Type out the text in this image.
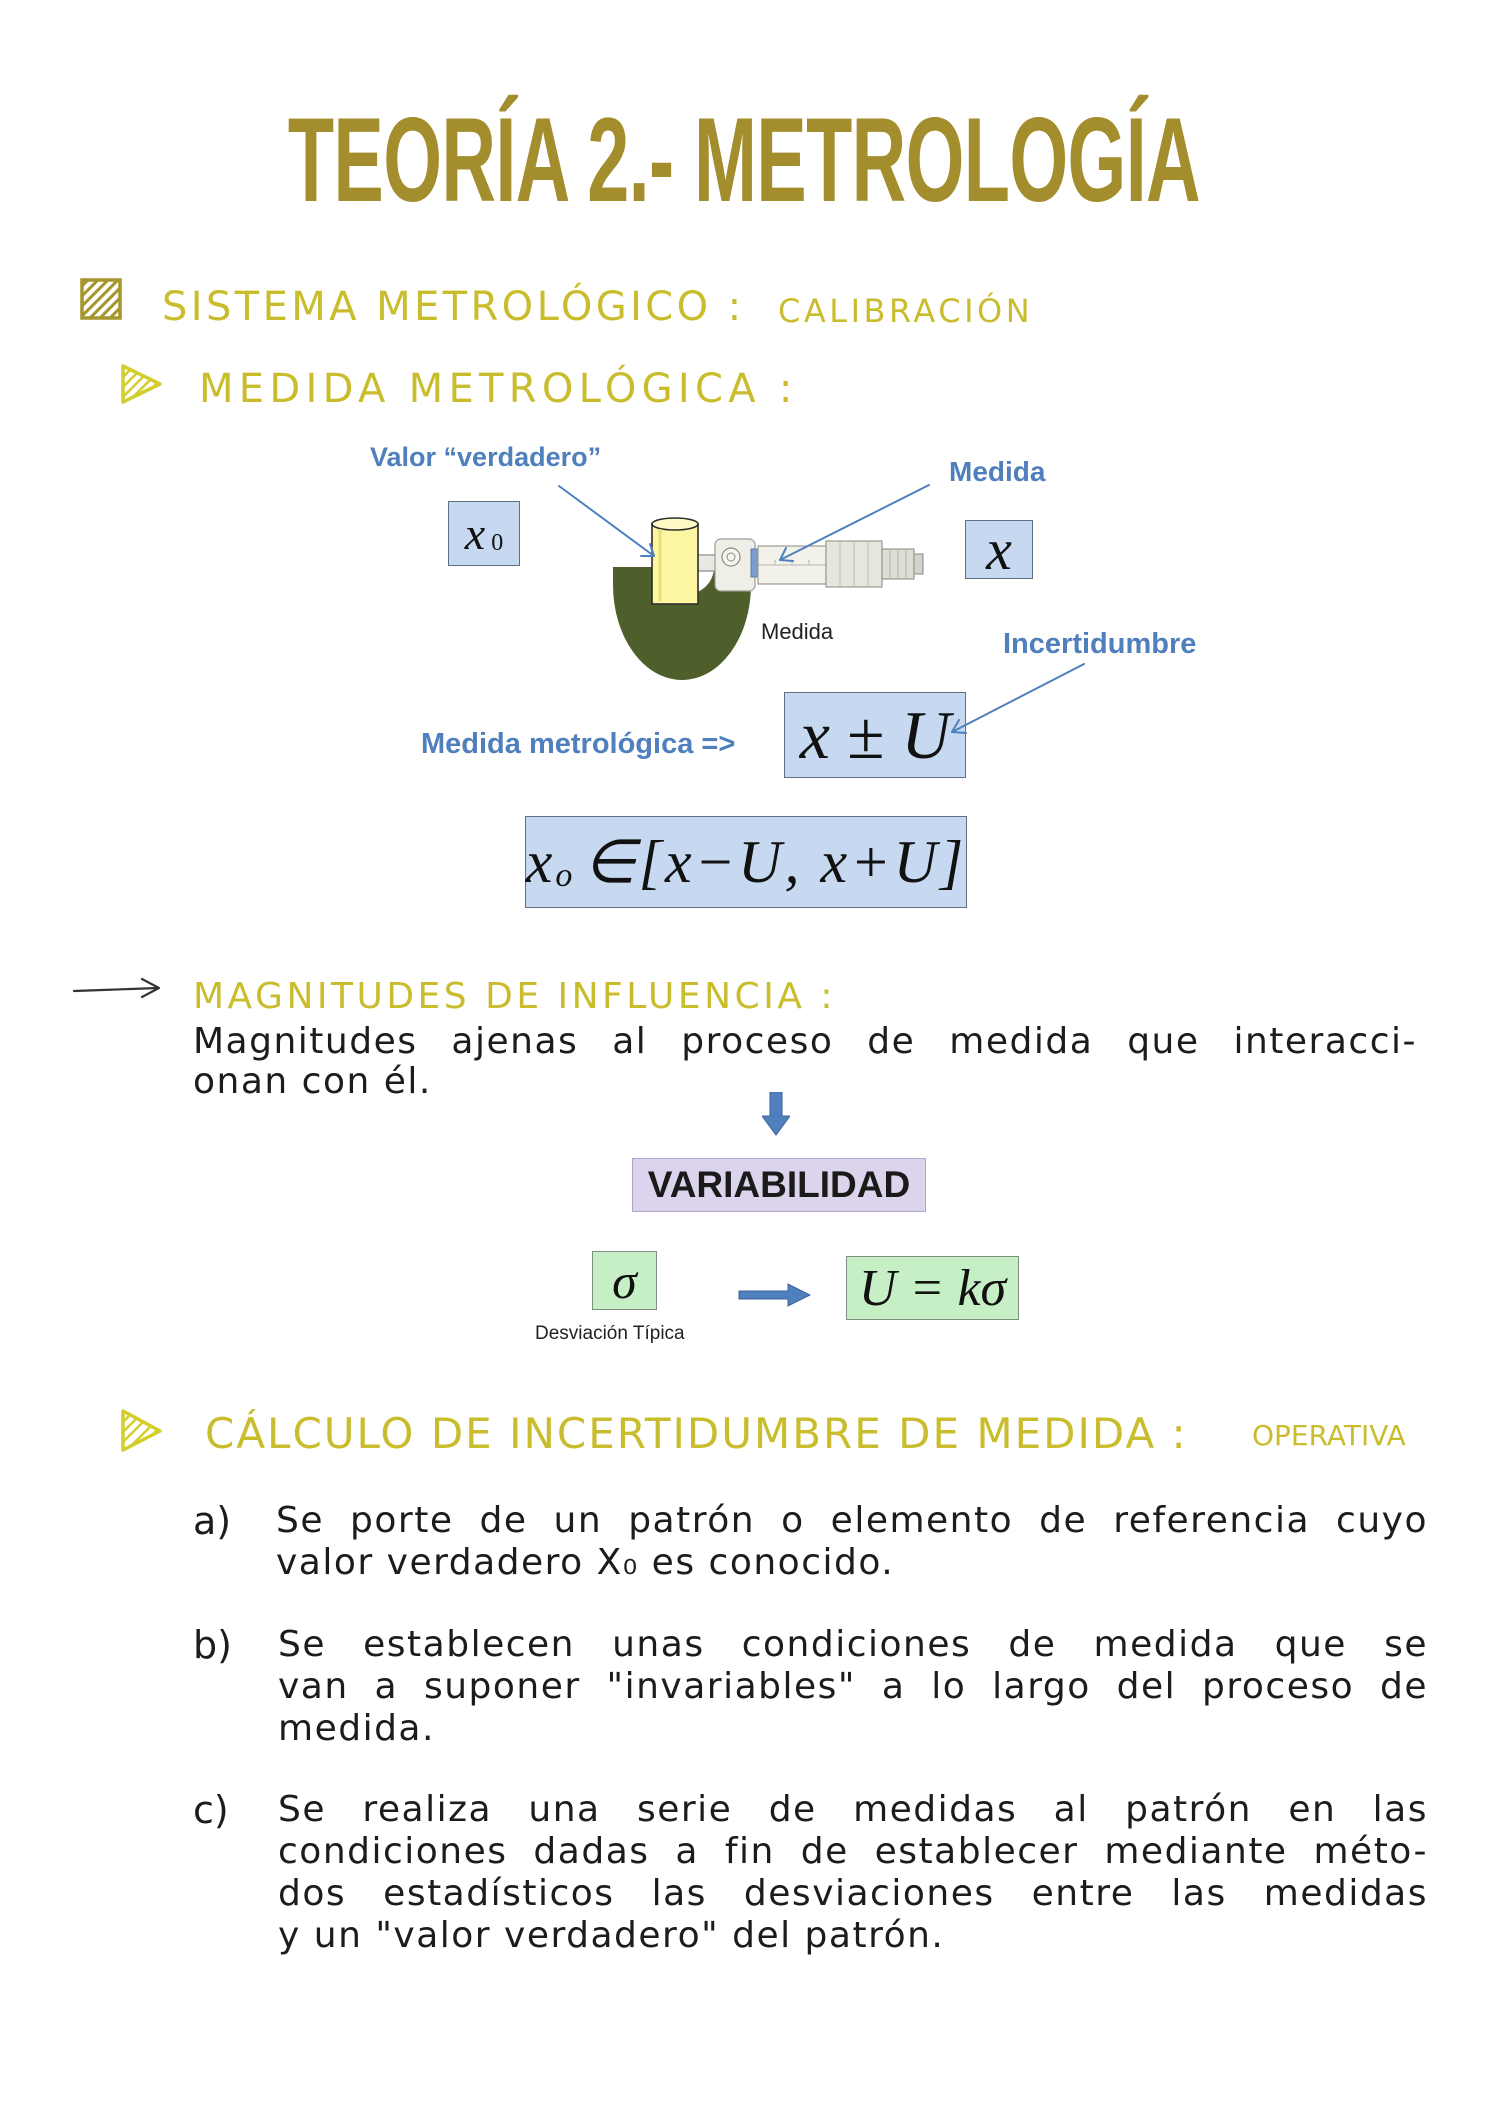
TEORÍA 2.- METROLOGÍA
SISTEMA METROLÓGICO : CALIBRACIÓN
MEDIDA METROLÓGICA :
Valor “verdadero”
x $_0$
Medida
x
Medida	Incertidumbre
Medida metrológica => x ± U
$x_o$ ∈[x−U, x+U]
MAGNITUDES DE INFLUENCIA :
Magnitudes ajenas al proceso de medida que interacci-
onan con él.
VARIABILIDAD
σ
Desviación Típica
U = kσ
CÁLCULO DE INCERTIDUMBRE DE MEDIDA : OPERATIVA
a) Se porte de un patrón o elemento de referencia cuyo
valor verdadero X₀ es conocido.
b) Se establecen unas condiciones de medida que se
van a suponer "invariables" a lo largo del proceso de
medida.
c) Se realiza una serie de medidas al patrón en las
condiciones dadas a fin de establecer mediante méto-
dos estadísticos las desviaciones entre las medidas
y un "valor verdadero" del patrón.
